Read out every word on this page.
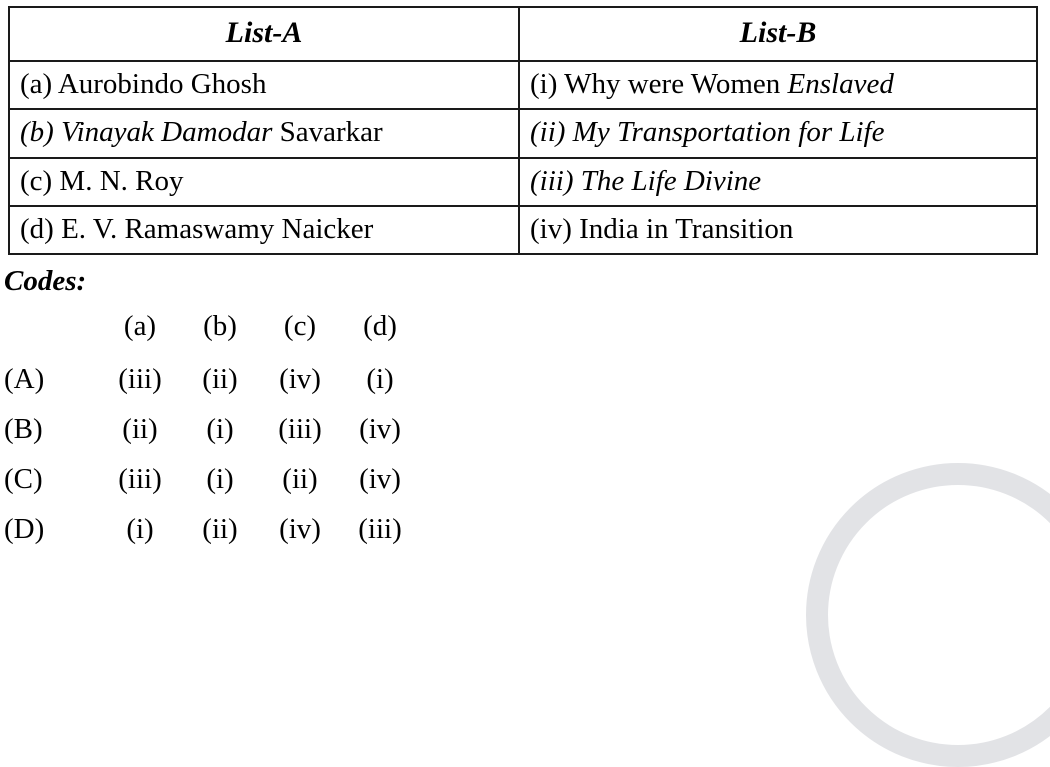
List-A	List-B
(a) Aurobindo Ghosh	(i) Why were Women Enslaved
(b) Vinayak Damodar Savarkar	(ii) My Transportation for Life
(c) M. N. Roy	(iii) The Life Divine
(d) E. V. Ramaswamy Naicker	(iv) India in Transition
Codes:
	(a)	(b)	(c)	(d)
(A)	(iii)	(ii)	(iv)	(i)
(B)	(ii)	(i)	(iii)	(iv)
(C)	(iii)	(i)	(ii)	(iv)
(D)	(i)	(ii)	(iv)	(iii)
